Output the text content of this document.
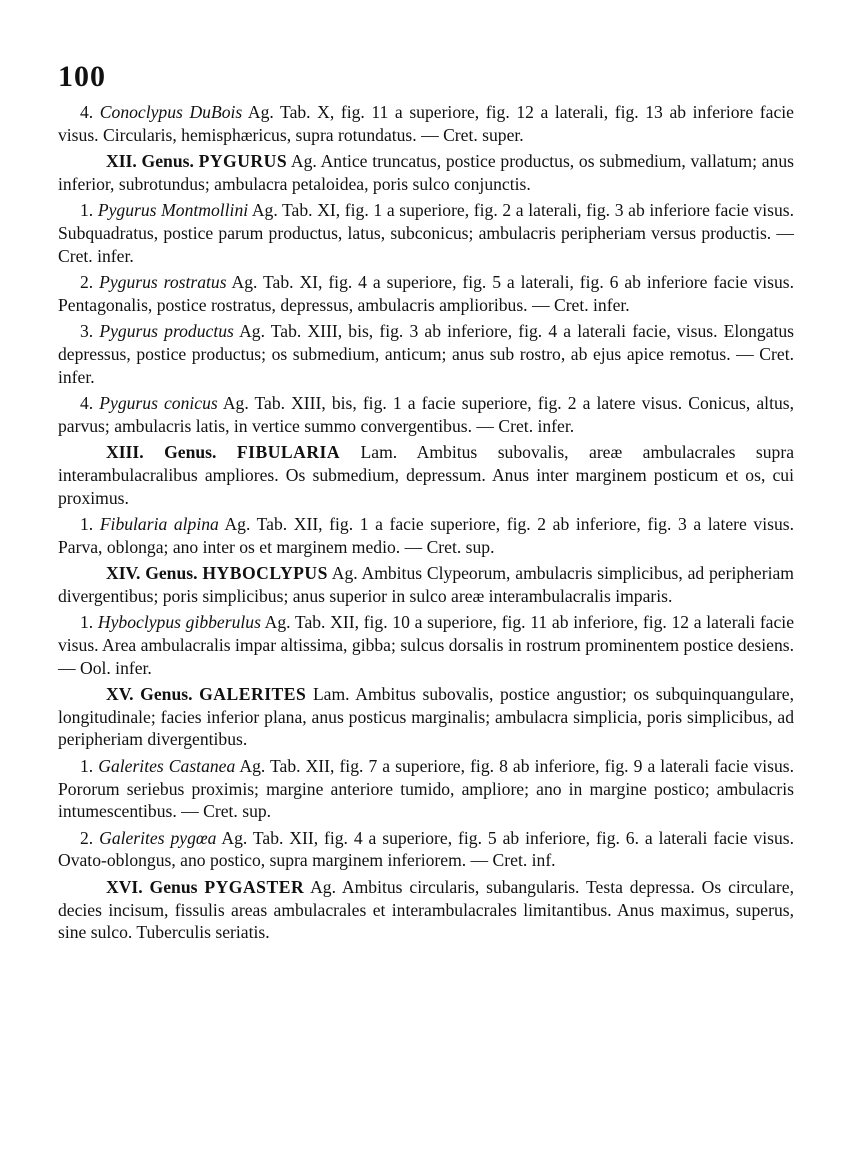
100

4. Conoclypus DuBois Ag. Tab. X, fig. 11 a superiore, fig. 12 a laterali, fig. 13 ab inferiore facie visus. Circularis, hemisphæricus, supra rotundatus. — Cret. super.

XII. Genus. PYGURUS Ag. Antice truncatus, postice productus, os submedium, vallatum; anus inferior, subrotundus; ambulacra petaloidea, poris sulco conjunctis.

1. Pygurus Montmollini Ag. Tab. XI, fig. 1 a superiore, fig. 2 a laterali, fig. 3 ab inferiore facie visus. Subquadratus, postice parum productus, latus, subconicus; ambulacris peripheriam versus productis. — Cret. infer.

2. Pygurus rostratus Ag. Tab. XI, fig. 4 a superiore, fig. 5 a laterali, fig. 6 ab inferiore facie visus. Pentagonalis, postice rostratus, depressus, ambulacris amplioribus. — Cret. infer.

3. Pygurus productus Ag. Tab. XIII, bis, fig. 3 ab inferiore, fig. 4 a laterali facie, visus. Elongatus depressus, postice productus; os submedium, anticum; anus sub rostro, ab ejus apice remotus. — Cret. infer.

4. Pygurus conicus Ag. Tab. XIII, bis, fig. 1 a facie superiore, fig. 2 a latere visus. Conicus, altus, parvus; ambulacris latis, in vertice summo convergentibus. — Cret. infer.

XIII. Genus. FIBULARIA Lam. Ambitus subovalis, areæ ambulacrales supra interambulacralibus ampliores. Os submedium, depressum. Anus inter marginem posticum et os, cui proximus.

1. Fibularia alpina Ag. Tab. XII, fig. 1 a facie superiore, fig. 2 ab inferiore, fig. 3 a latere visus. Parva, oblonga; ano inter os et marginem medio. — Cret. sup.

XIV. Genus. HYBOCLYPUS Ag. Ambitus Clypeorum, ambulacris simplicibus, ad peripheriam divergentibus; poris simplicibus; anus superior in sulco areæ interambulacralis imparis.

1. Hyboclypus gibberulus Ag. Tab. XII, fig. 10 a superiore, fig. 11 ab inferiore, fig. 12 a laterali facie visus. Area ambulacralis impar altissima, gibba; sulcus dorsalis in rostrum prominentem postice desiens. — Ool. infer.

XV. Genus. GALERITES Lam. Ambitus subovalis, postice angustior; os subquinquangulare, longitudinale; facies inferior plana, anus posticus marginalis; ambulacra simplicia, poris simplicibus, ad peripheriam divergentibus.

1. Galerites Castanea Ag. Tab. XII, fig. 7 a superiore, fig. 8 ab inferiore, fig. 9 a laterali facie visus. Pororum seriebus proximis; margine anteriore tumido, ampliore; ano in margine postico; ambulacris intumescentibus. — Cret. sup.

2. Galerites pygœa Ag. Tab. XII, fig. 4 a superiore, fig. 5 ab inferiore, fig. 6. a laterali facie visus. Ovato-oblongus, ano postico, supra marginem inferiorem. — Cret. inf.

XVI. Genus PYGASTER Ag. Ambitus circularis, subangularis. Testa depressa. Os circulare, decies incisum, fissulis areas ambulacrales et interambulacrales limitantibus. Anus maximus, superus, sine sulco. Tuberculis seriatis.
